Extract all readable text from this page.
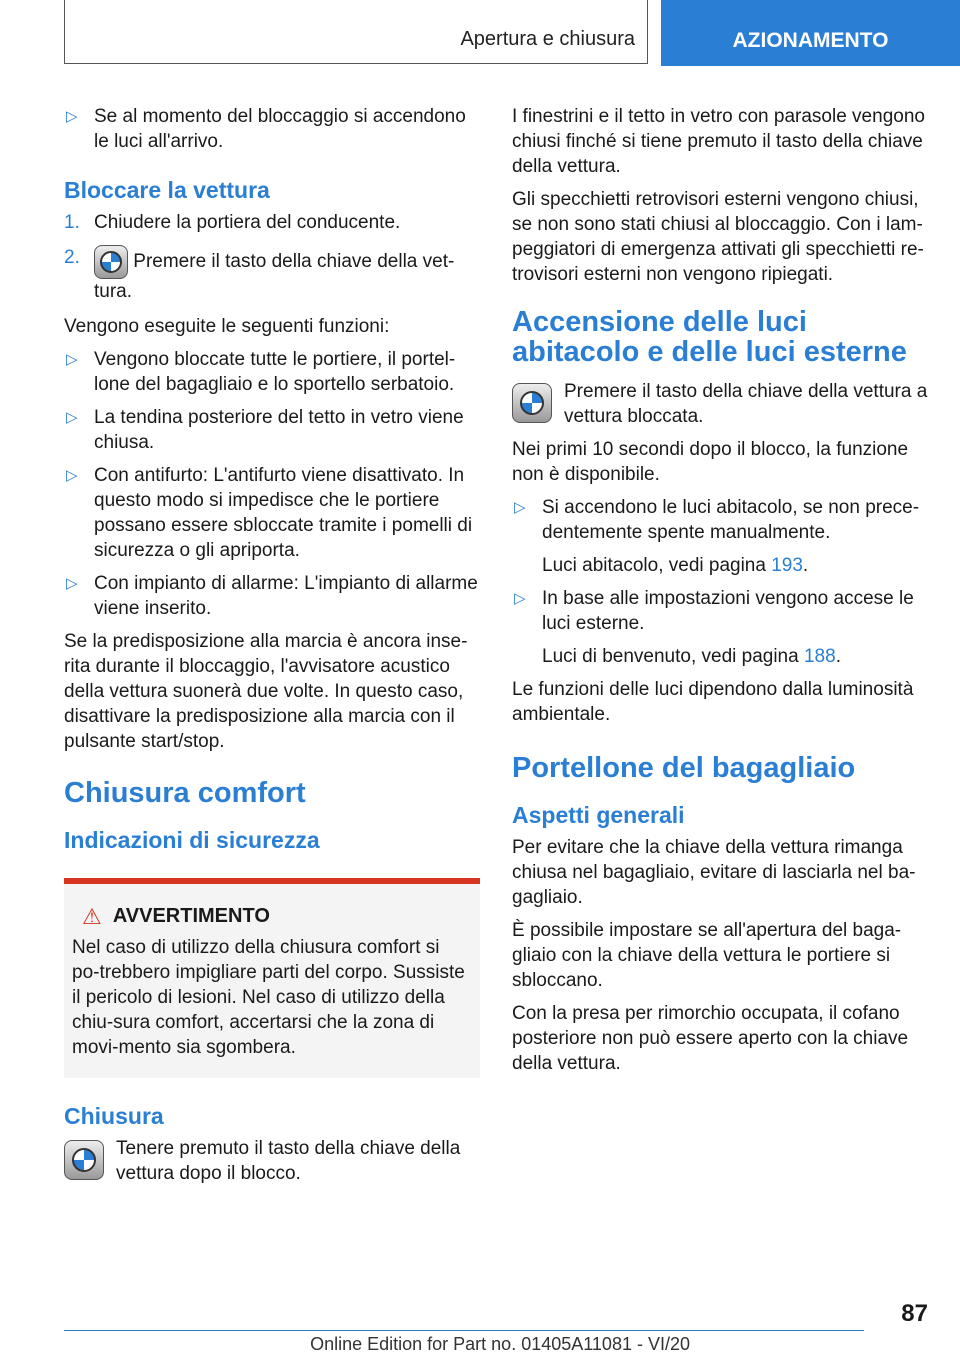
Apertura e chiusura	AZIONAMENTO
▷ Se al momento del bloccaggio si accendono le luci all'arrivo.
Bloccare la vettura
1. Chiudere la portiera del conducente.
2.	Premere il tasto della chiave della vet-tura.

Vengono eseguite le seguenti funzioni:

▷ Vengono bloccate tutte le portiere, il portel-lone del bagagliaio e lo sportello serbatoio.
▷ La tendina posteriore del tetto in vetro viene chiusa.
▷ Con antifurto: L'antifurto viene disattivato. In questo modo si impedisce che le portiere possano essere sbloccate tramite i pomelli di sicurezza o gli apriporta.
▷ Con impianto di allarme: L'impianto di allarme viene inserito.

Se la predisposizione alla marcia è ancora inse-rita durante il bloccaggio, l'avvisatore acustico della vettura suonerà due volte. In questo caso, disattivare la predisposizione alla marcia con il pulsante start/stop.

Chiusura comfort
Indicazioni di sicurezza
⚠ AVVERTIMENTO
Nel caso di utilizzo della chiusura comfort si po-trebbero impigliare parti del corpo. Sussiste il pericolo di lesioni. Nel caso di utilizzo della chiu-sura comfort, accertarsi che la zona di movi-mento sia sgombera.
Chiusura
Tenere premuto il tasto della chiave della vettura dopo il blocco.

I finestrini e il tetto in vetro con parasole vengono chiusi finché si tiene premuto il tasto della chiave della vettura.

Gli specchietti retrovisori esterni vengono chiusi, se non sono stati chiusi al bloccaggio. Con i lam-peggiatori di emergenza attivati gli specchietti re-trovisori esterni non vengono ripiegati.

Accensione delle luci abitacolo e delle luci esterne
Premere il tasto della chiave della vettura a vettura bloccata.

Nei primi 10 secondi dopo il blocco, la funzione non è disponibile.

▷ Si accendono le luci abitacolo, se non prece-dentemente spente manualmente.
Luci abitacolo, vedi pagina 193.
▷ In base alle impostazioni vengono accese le luci esterne.
Luci di benvenuto, vedi pagina 188.

Le funzioni delle luci dipendono dalla luminosità ambientale.

Portellone del bagagliaio
Aspetti generali

Per evitare che la chiave della vettura rimanga chiusa nel bagagliaio, evitare di lasciarla nel ba-gagliaio.

È possibile impostare se all'apertura del baga-gliaio con la chiave della vettura le portiere si sbloccano.

Con la presa per rimorchio occupata, il cofano posteriore non può essere aperto con la chiave della vettura.

87
Online Edition for Part no. 01405A11081 - VI/20
